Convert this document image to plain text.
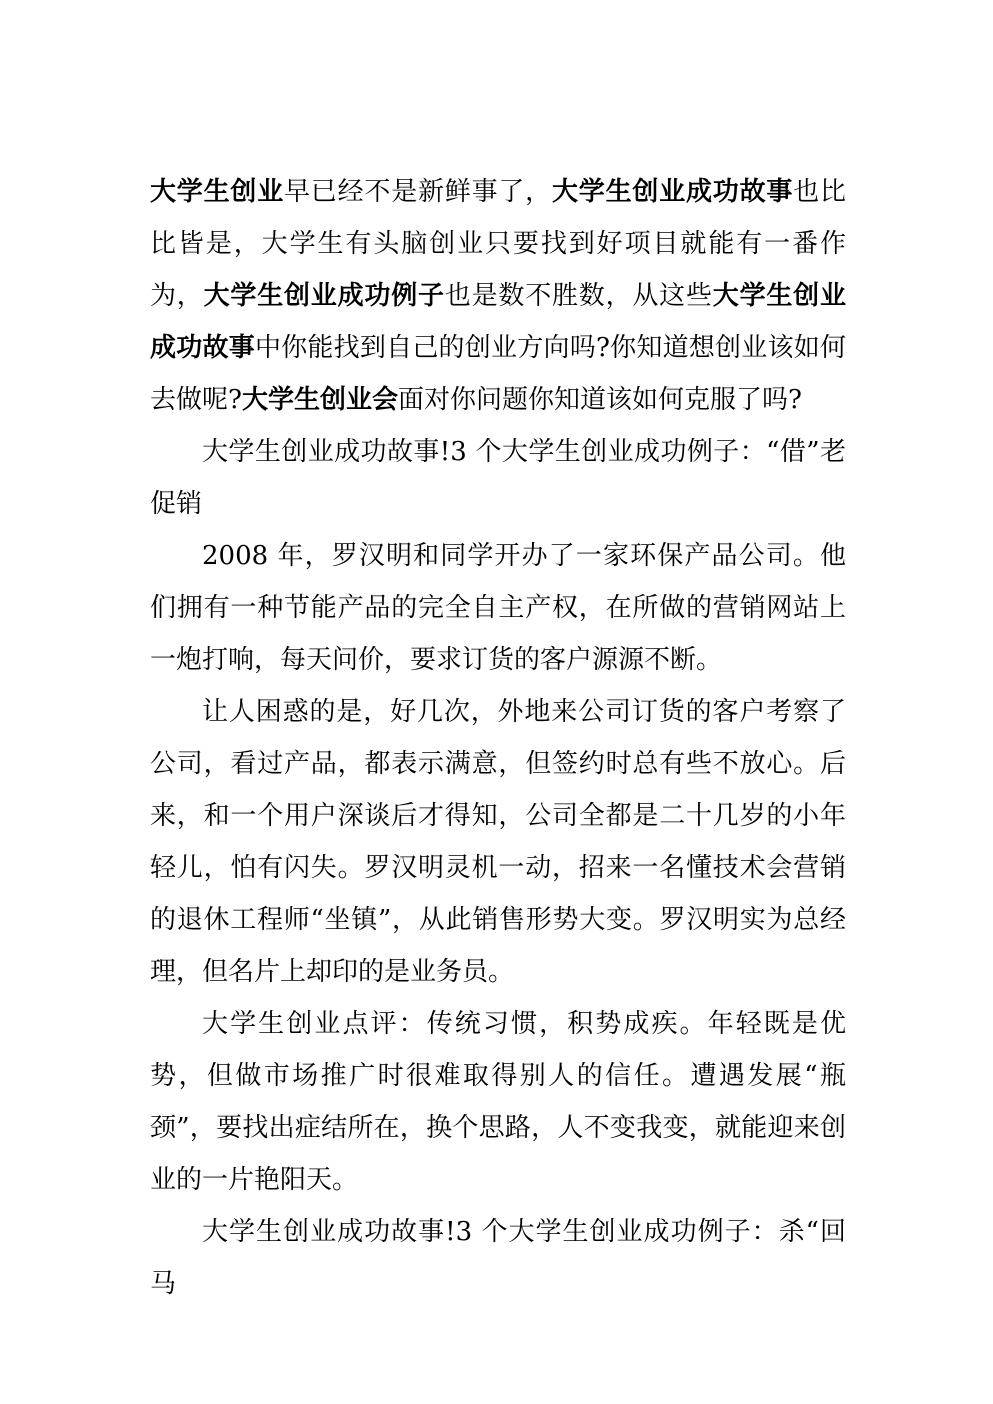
大学生创业早已经不是新鲜事了，大学生创业成功故事也比比皆是，大学生有头脑创业只要找到好项目就能有一番作为，大学生创业成功例子也是数不胜数，从这些大学生创业成功故事中你能找到自己的创业方向吗?你知道想创业该如何去做呢?大学生创业会面对你问题你知道该如何克服了吗?

大学生创业成功故事!3 个大学生创业成功例子：“借”老促销

2008 年，罗汉明和同学开办了一家环保产品公司。他们拥有一种节能产品的完全自主产权，在所做的营销网站上一炮打响，每天问价，要求订货的客户源源不断。

让人困惑的是，好几次，外地来公司订货的客户考察了公司，看过产品，都表示满意，但签约时总有些不放心。后来，和一个用户深谈后才得知，公司全都是二十几岁的小年轻儿，怕有闪失。罗汉明灵机一动，招来一名懂技术会营销的退休工程师“坐镇”，从此销售形势大变。罗汉明实为总经理，但名片上却印的是业务员。

大学生创业点评：传统习惯，积势成疾。年轻既是优势，但做市场推广时很难取得别人的信任。遭遇发展“瓶颈”，要找出症结所在，换个思路，人不变我变，就能迎来创业的一片艳阳天。

大学生创业成功故事!3 个大学生创业成功例子：杀“回马
